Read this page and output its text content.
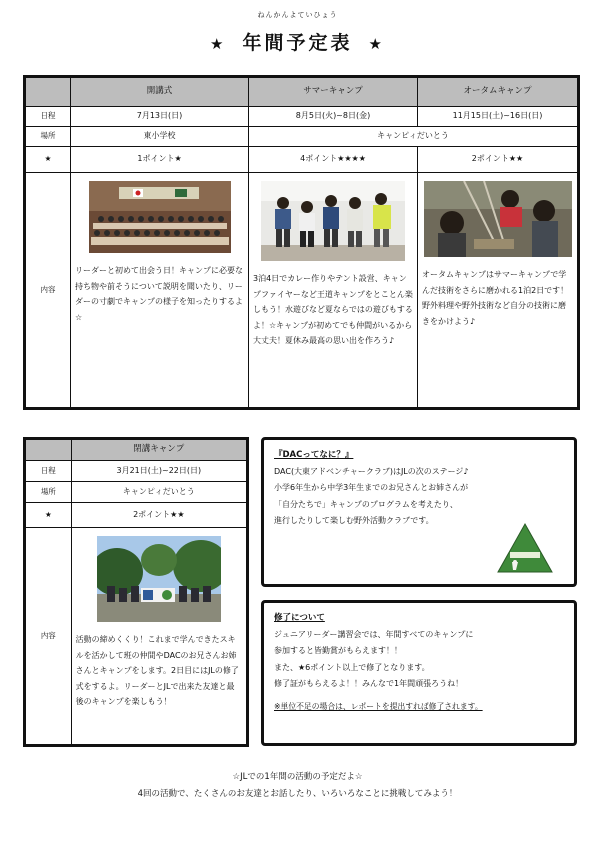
ねんかんよていひょう
★ 年間予定表 ★
	開講式	サマーキャンプ	オータムキャンプ
日程	7月13日(日)	8月5日(火)~8日(金)	11月15日(土)~16日(日)
場所	東小学校	キャンピィだいとう	
★	1ポイント★	4ポイント★★★★	2ポイント★★
内容	リーダーと初めて出会う日！キャンプに必要な持ち物や前そうについて説明を聞いたり、リーダーの寸劇でキャンプの様子を知ったりするよ☆	3泊4日でカレー作りやテント設営、キャンプファイヤーなど王道キャンプをとことん楽しもう！水遊びなど夏ならではの遊びもするよ！☆キャンプが初めてでも仲間がいるから大丈夫！夏休み最高の思い出を作ろう♪	オータムキャンプはサマーキャンプで学んだ技術をさらに磨かれる1泊2日です！野外料理や野外技術など自分の技術に磨きをかけよう♪
	閉講キャンプ
日程	3月21日(土)~22日(日)
場所	キャンピィだいとう
★	2ポイント★★
内容	活動の締めくくり！これまで学んできたスキルを活かして班の仲間やDACのお兄さんお姉さんとキャンプをします。2日目にはJLの修了式をするよ。リーダーとJLで出来た友達と最後のキャンプを楽しもう！
『DACってなに？』
DAC(大東アドベンチャークラブ)はJLの次のステージ♪
小学6年生から中学3年生までのお兄さんとお姉さんが
「自分たちで」キャンプのプログラムを考えたり、
進行したりして楽しむ野外活動クラブです。
修了について
ジュニアリーダー講習会では、年間すべてのキャンプに
参加すると皆勤賞がもらえます！！
また、★6ポイント以上で修了となります。
修了証がもらえるよ！！みんなで1年間頑張ろうね！
※単位不足の場合は、レポートを提出すれば修了されます。
☆JLでの1年間の活動の予定だよ☆
4回の活動で、たくさんのお友達とお話したり、いろいろなことに挑戦してみよう！
